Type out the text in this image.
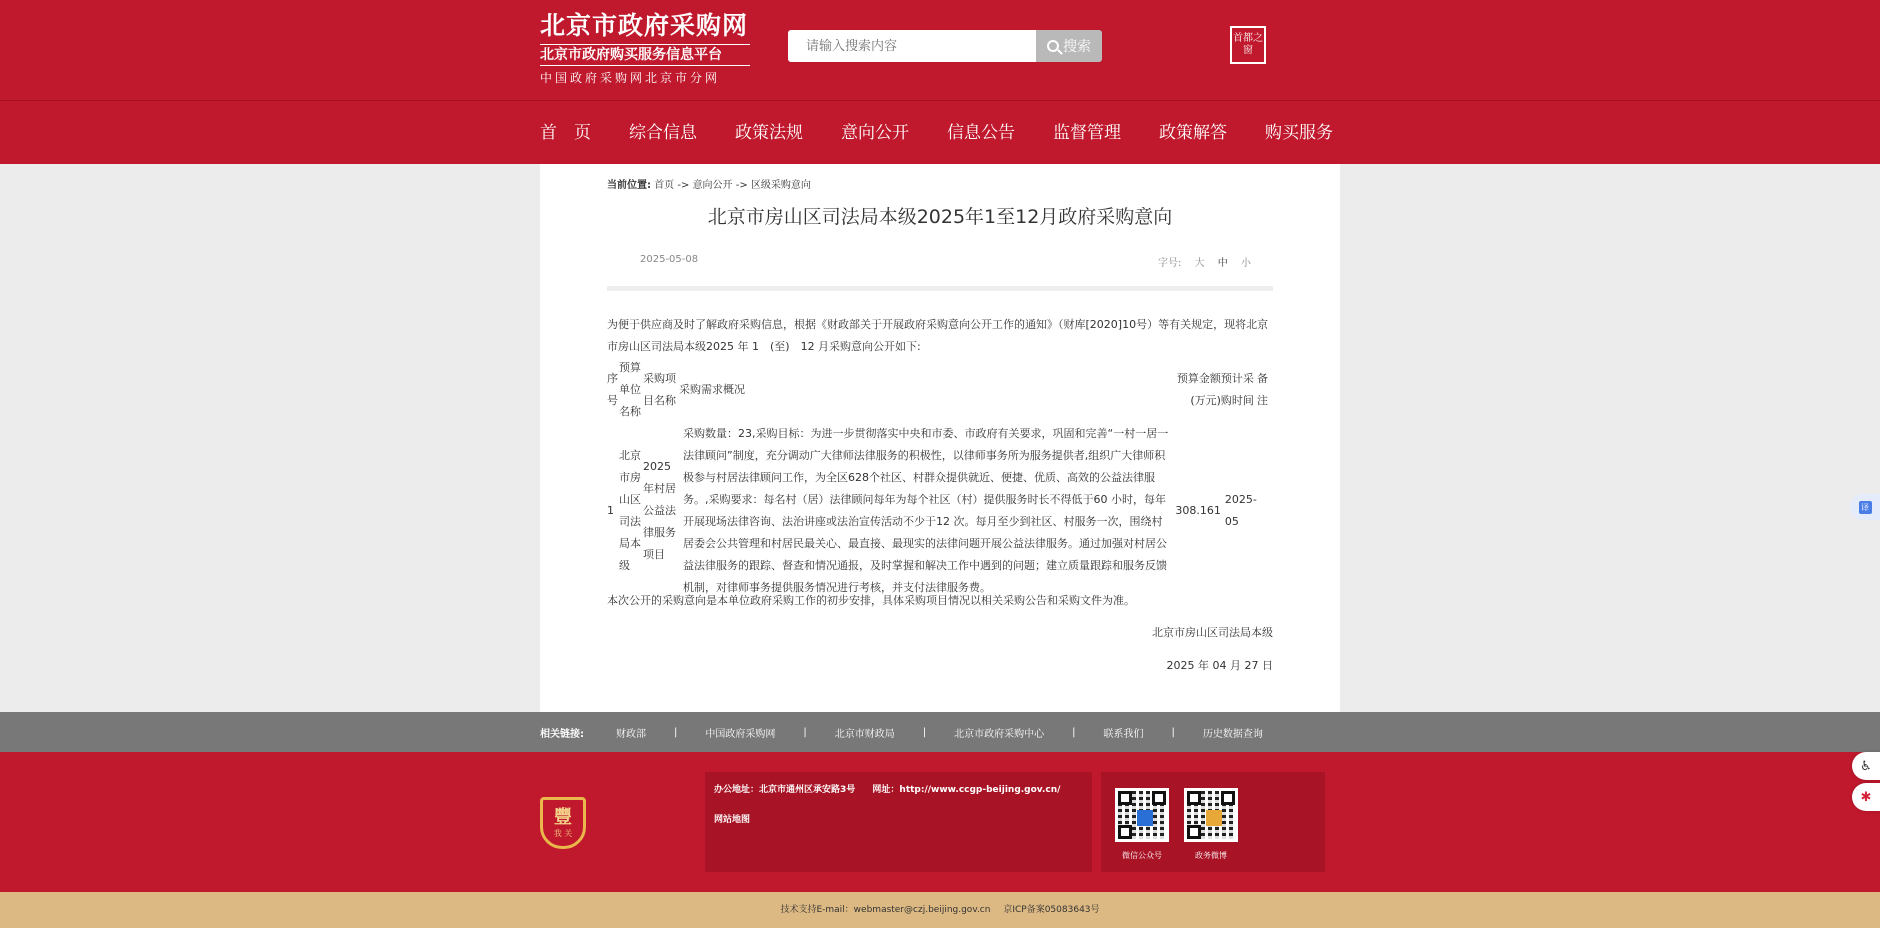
北京市政府采购网
北京市政府购买服务信息平台
中国政府采购网北京市分网
请输入搜索内容
搜索
首都之窗
首　页 综合信息 政策法规 意向公开 信息公告 监督管理 政策解答 购买服务
当前位置: 首页 -> 意向公开 -> 区级采购意向
北京市房山区司法局本级2025年1至12月政府采购意向
2025-05-08	字号: 大 中 小
为便于供应商及时了解政府采购信息，根据《财政部关于开展政府采购意向公开工作的通知》（财库[2020]10号）等有关规定，现将北京市房山区司法局本级2025 年 1　(至)　12 月采购意向公开如下:
序号	预算单位名称	采购项目名称	采购需求概况	预算金额(万元)	预计采购时间	备注
1	北京市房山区司法局本级	2025年村居公益法律服务项目	采购数量：23,采购目标：为进一步贯彻落实中央和市委、市政府有关要求，巩固和完善“一村一居一法律顾问”制度，充分调动广大律师法律服务的积极性，以律师事务所为服务提供者,组织广大律师积极参与村居法律顾问工作，为全区628个社区、村群众提供就近、便捷、优质、高效的公益法律服务。,采购要求：每名村（居）法律顾问每年为每个社区（村）提供服务时长不得低于60 小时，每年开展现场法律咨询、法治讲座或法治宣传活动不少于12 次。每月至少到社区、村服务一次，围绕村居委会公共管理和村居民最关心、最直接、最现实的法律问题开展公益法律服务。通过加强对村居公益法律服务的跟踪、督查和情况通报，及时掌握和解决工作中遇到的问题；建立质量跟踪和服务反馈机制，对律师事务提供服务情况进行考核，并支付法律服务费。	308.161	2025-05	
本次公开的采购意向是本单位政府采购工作的初步安排，具体采购项目情况以相关采购公告和采购文件为准。
北京市房山区司法局本级
2025 年 04 月 27 日
相关链接:	财政部	|	中国政府采购网	|	北京市财政局	|	北京市政府采购中心	|	联系我们	|	历史数据查询
豐
我 关
办公地址：北京市通州区承安路3号 网址：http://www.ccgp-beijing.gov.cn/
网站地图
微信公众号	政务微博
技术支持E-mail：webmaster@czj.beijing.gov.cn 京ICP备案05083643号
译
♿
✱
